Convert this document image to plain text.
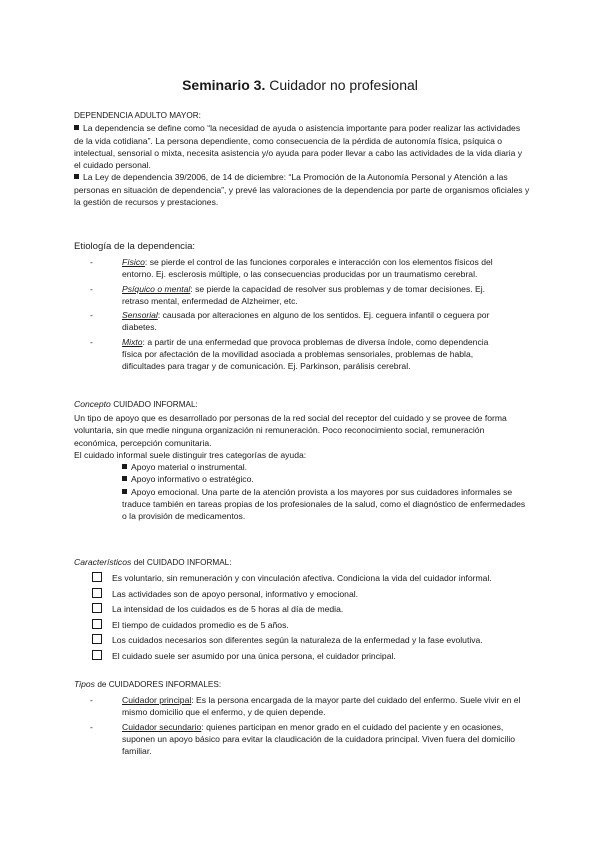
Seminario 3. Cuidador no profesional
DEPENDENCIA ADULTO MAYOR:

La dependencia se define como “la necesidad de ayuda o asistencia importante para poder realizar las actividades de la vida cotidiana”. La persona dependiente, como consecuencia de la pérdida de autonomía física, psíquica o intelectual, sensorial o mixta, necesita asistencia y/o ayuda para poder llevar a cabo las actividades de la vida diaria y el cuidado personal.

La Ley de dependencia 39/2006, de 14 de diciembre: “La Promoción de la Autonomía Personal y Atención a las personas en situación de dependencia”, y prevé las valoraciones de la dependencia por parte de organismos oficiales y la gestión de recursos y prestaciones.

Etiología de la dependencia:
-	Físico: se pierde el control de las funciones corporales e interacción con los elementos físicos del entorno. Ej. esclerosis múltiple, o las consecuencias producidas por un traumatismo cerebral.
-	Psíquico o mental: se pierde la capacidad de resolver sus problemas y de tomar decisiones. Ej. retraso mental, enfermedad de Alzheimer, etc.
-	Sensorial: causada por alteraciones en alguno de los sentidos. Ej. ceguera infantil o ceguera por diabetes.
-	Mixto: a partir de una enfermedad que provoca problemas de diversa índole, como dependencia física por afectación de la movilidad asociada a problemas sensoriales, problemas de habla, dificultades para tragar y de comunicación. Ej. Parkinson, parálisis cerebral.
Concepto CUIDADO INFORMAL:

Un tipo de apoyo que es desarrollado por personas de la red social del receptor del cuidado y se provee de forma voluntaria, sin que medie ninguna organización ni remuneración. Poco reconocimiento social, remuneración económica, percepción comunitaria.

El cuidado informal suele distinguir tres categorías de ayuda:

Apoyo material o instrumental.
Apoyo informativo o estratégico.
Apoyo emocional. Una parte de la atención provista a los mayores por sus cuidadores informales se traduce también en tareas propias de los profesionales de la salud, como el diagnóstico de enfermedades o la provisión de medicamentos.
Característicos del CUIDADO INFORMAL:
Es voluntario, sin remuneración y con vinculación afectiva. Condiciona la vida del cuidador informal.
Las actividades son de apoyo personal, informativo y emocional.
La intensidad de los cuidados es de 5 horas al día de media.
El tiempo de cuidados promedio es de 5 años.
Los cuidados necesarios son diferentes según la naturaleza de la enfermedad y la fase evolutiva.
El cuidado suele ser asumido por una única persona, el cuidador principal.
Tipos de CUIDADORES INFORMALES:
-	Cuidador principal: Es la persona encargada de la mayor parte del cuidado del enfermo. Suele vivir en el mismo domicilio que el enfermo, y de quien depende.
-	Cuidador secundario: quienes participan en menor grado en el cuidado del paciente y en ocasiones, suponen un apoyo básico para evitar la claudicación de la cuidadora principal. Viven fuera del domicilio familiar.
